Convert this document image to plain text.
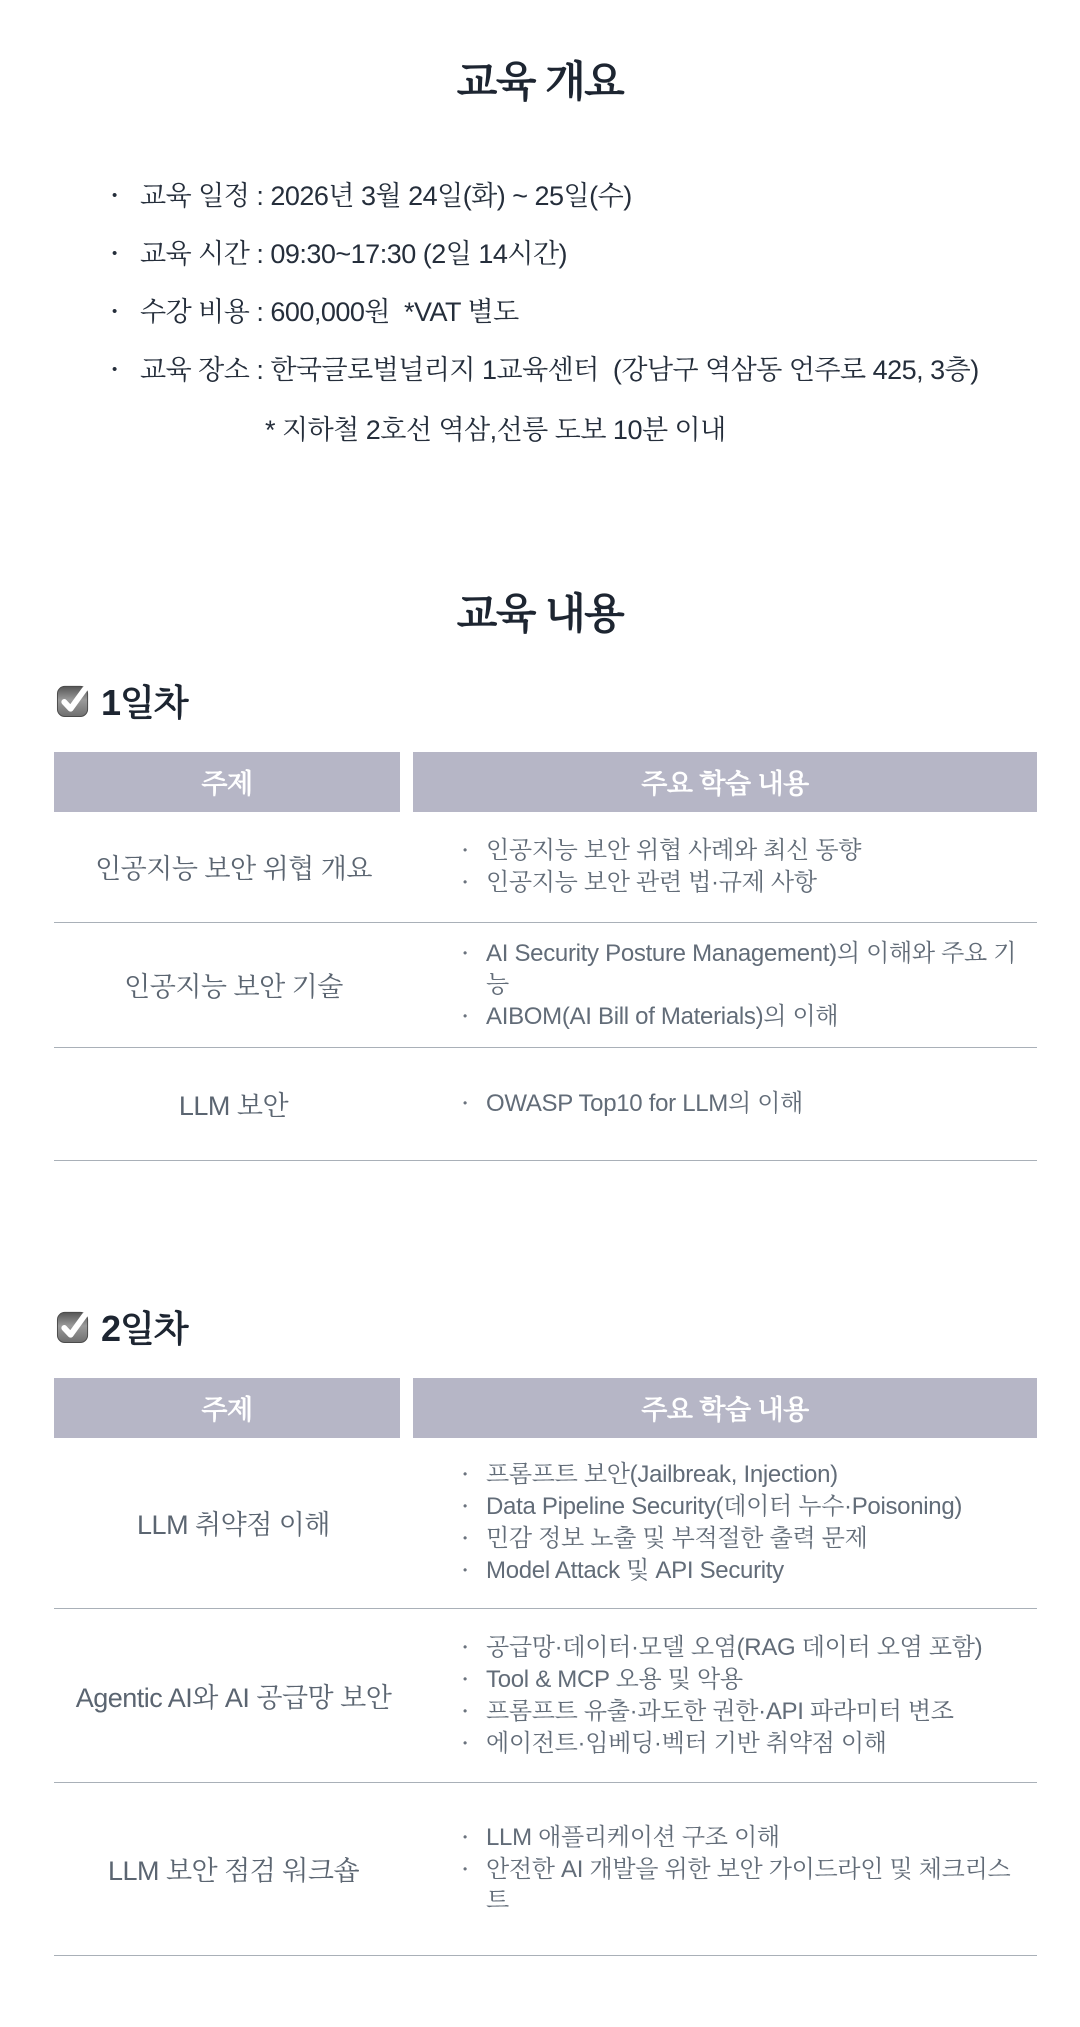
교육 개요
• 교육 일정 : 2026년 3월 24일(화) ~ 25일(수)
• 교육 시간 : 09:30~17:30 (2일 14시간)
• 수강 비용 : 600,000원  *VAT 별도
• 교육 장소 : 한국글로벌널리지 1교육센터  (강남구 역삼동 언주로 425, 3층)

* 지하철 2호선 역삼,선릉 도보 10분 이내

교육 내용
1일차
주제	주요 학습 내용
인공지능 보안 위협 개요
• 인공지능 보안 위협 사례와 최신 동향
• 인공지능 보안 관련 법·규제 사항
인공지능 보안 기술
• AI Security Posture Management)의 이해와 주요 기능
• AIBOM(AI Bill of Materials)의 이해
LLM 보안	• OWASP Top10 for LLM의 이해
2일차
주제	주요 학습 내용
LLM 취약점 이해
• 프롬프트 보안(Jailbreak, Injection)
• Data Pipeline Security(데이터 누수·Poisoning)
• 민감 정보 노출 및 부적절한 출력 문제
• Model Attack 및 API Security
Agentic AI와 AI 공급망 보안
• 공급망·데이터·모델 오염(RAG 데이터 오염 포함)
• Tool & MCP 오용 및 악용
• 프롬프트 유출·과도한 권한·API 파라미터 변조
• 에이전트·임베딩·벡터 기반 취약점 이해
LLM 보안 점검 워크숍
• LLM 애플리케이션 구조 이해
• 안전한 AI 개발을 위한 보안 가이드라인 및 체크리스트
